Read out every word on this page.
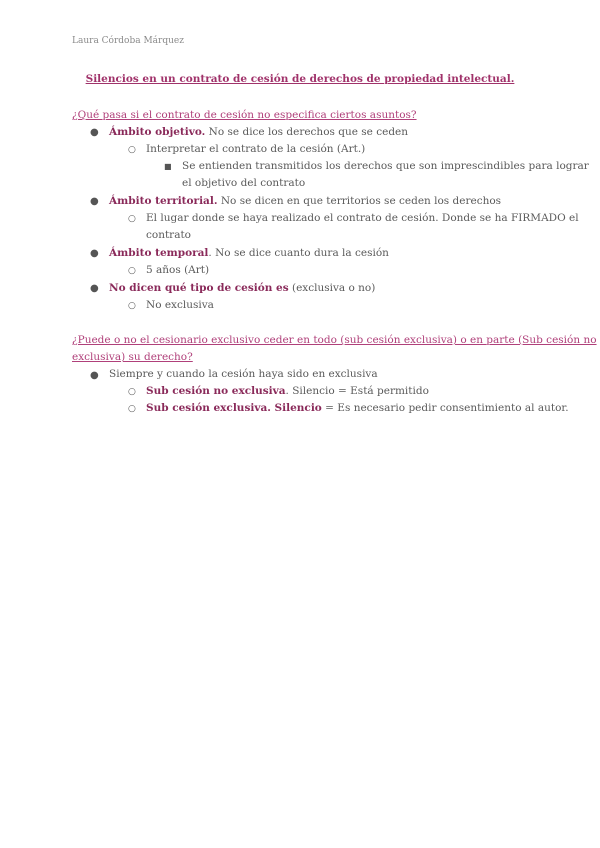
Laura Córdoba Márquez
Silencios en un contrato de cesión de derechos de propiedad intelectual.
¿Qué pasa si el contrato de cesión no especifica ciertos asuntos?
● Ámbito objetivo. No se dice los derechos que se ceden
○ Interpretar el contrato de la cesión (Art.)
■ Se entienden transmitidos los derechos que son imprescindibles para lograr
el objetivo del contrato
● Ámbito territorial. No se dicen en que territorios se ceden los derechos
○ El lugar donde se haya realizado el contrato de cesión. Donde se ha FIRMADO el
contrato
● Ámbito temporal. No se dice cuanto dura la cesión
○ 5 años (Art)
● No dicen qué tipo de cesión es (exclusiva o no)
○ No exclusiva
¿Puede o no el cesionario exclusivo ceder en todo (sub cesión exclusiva) o en parte (Sub cesión no
exclusiva) su derecho?
● Siempre y cuando la cesión haya sido en exclusiva
○ Sub cesión no exclusiva. Silencio = Está permitido
○ Sub cesión exclusiva. Silencio = Es necesario pedir consentimiento al autor.
